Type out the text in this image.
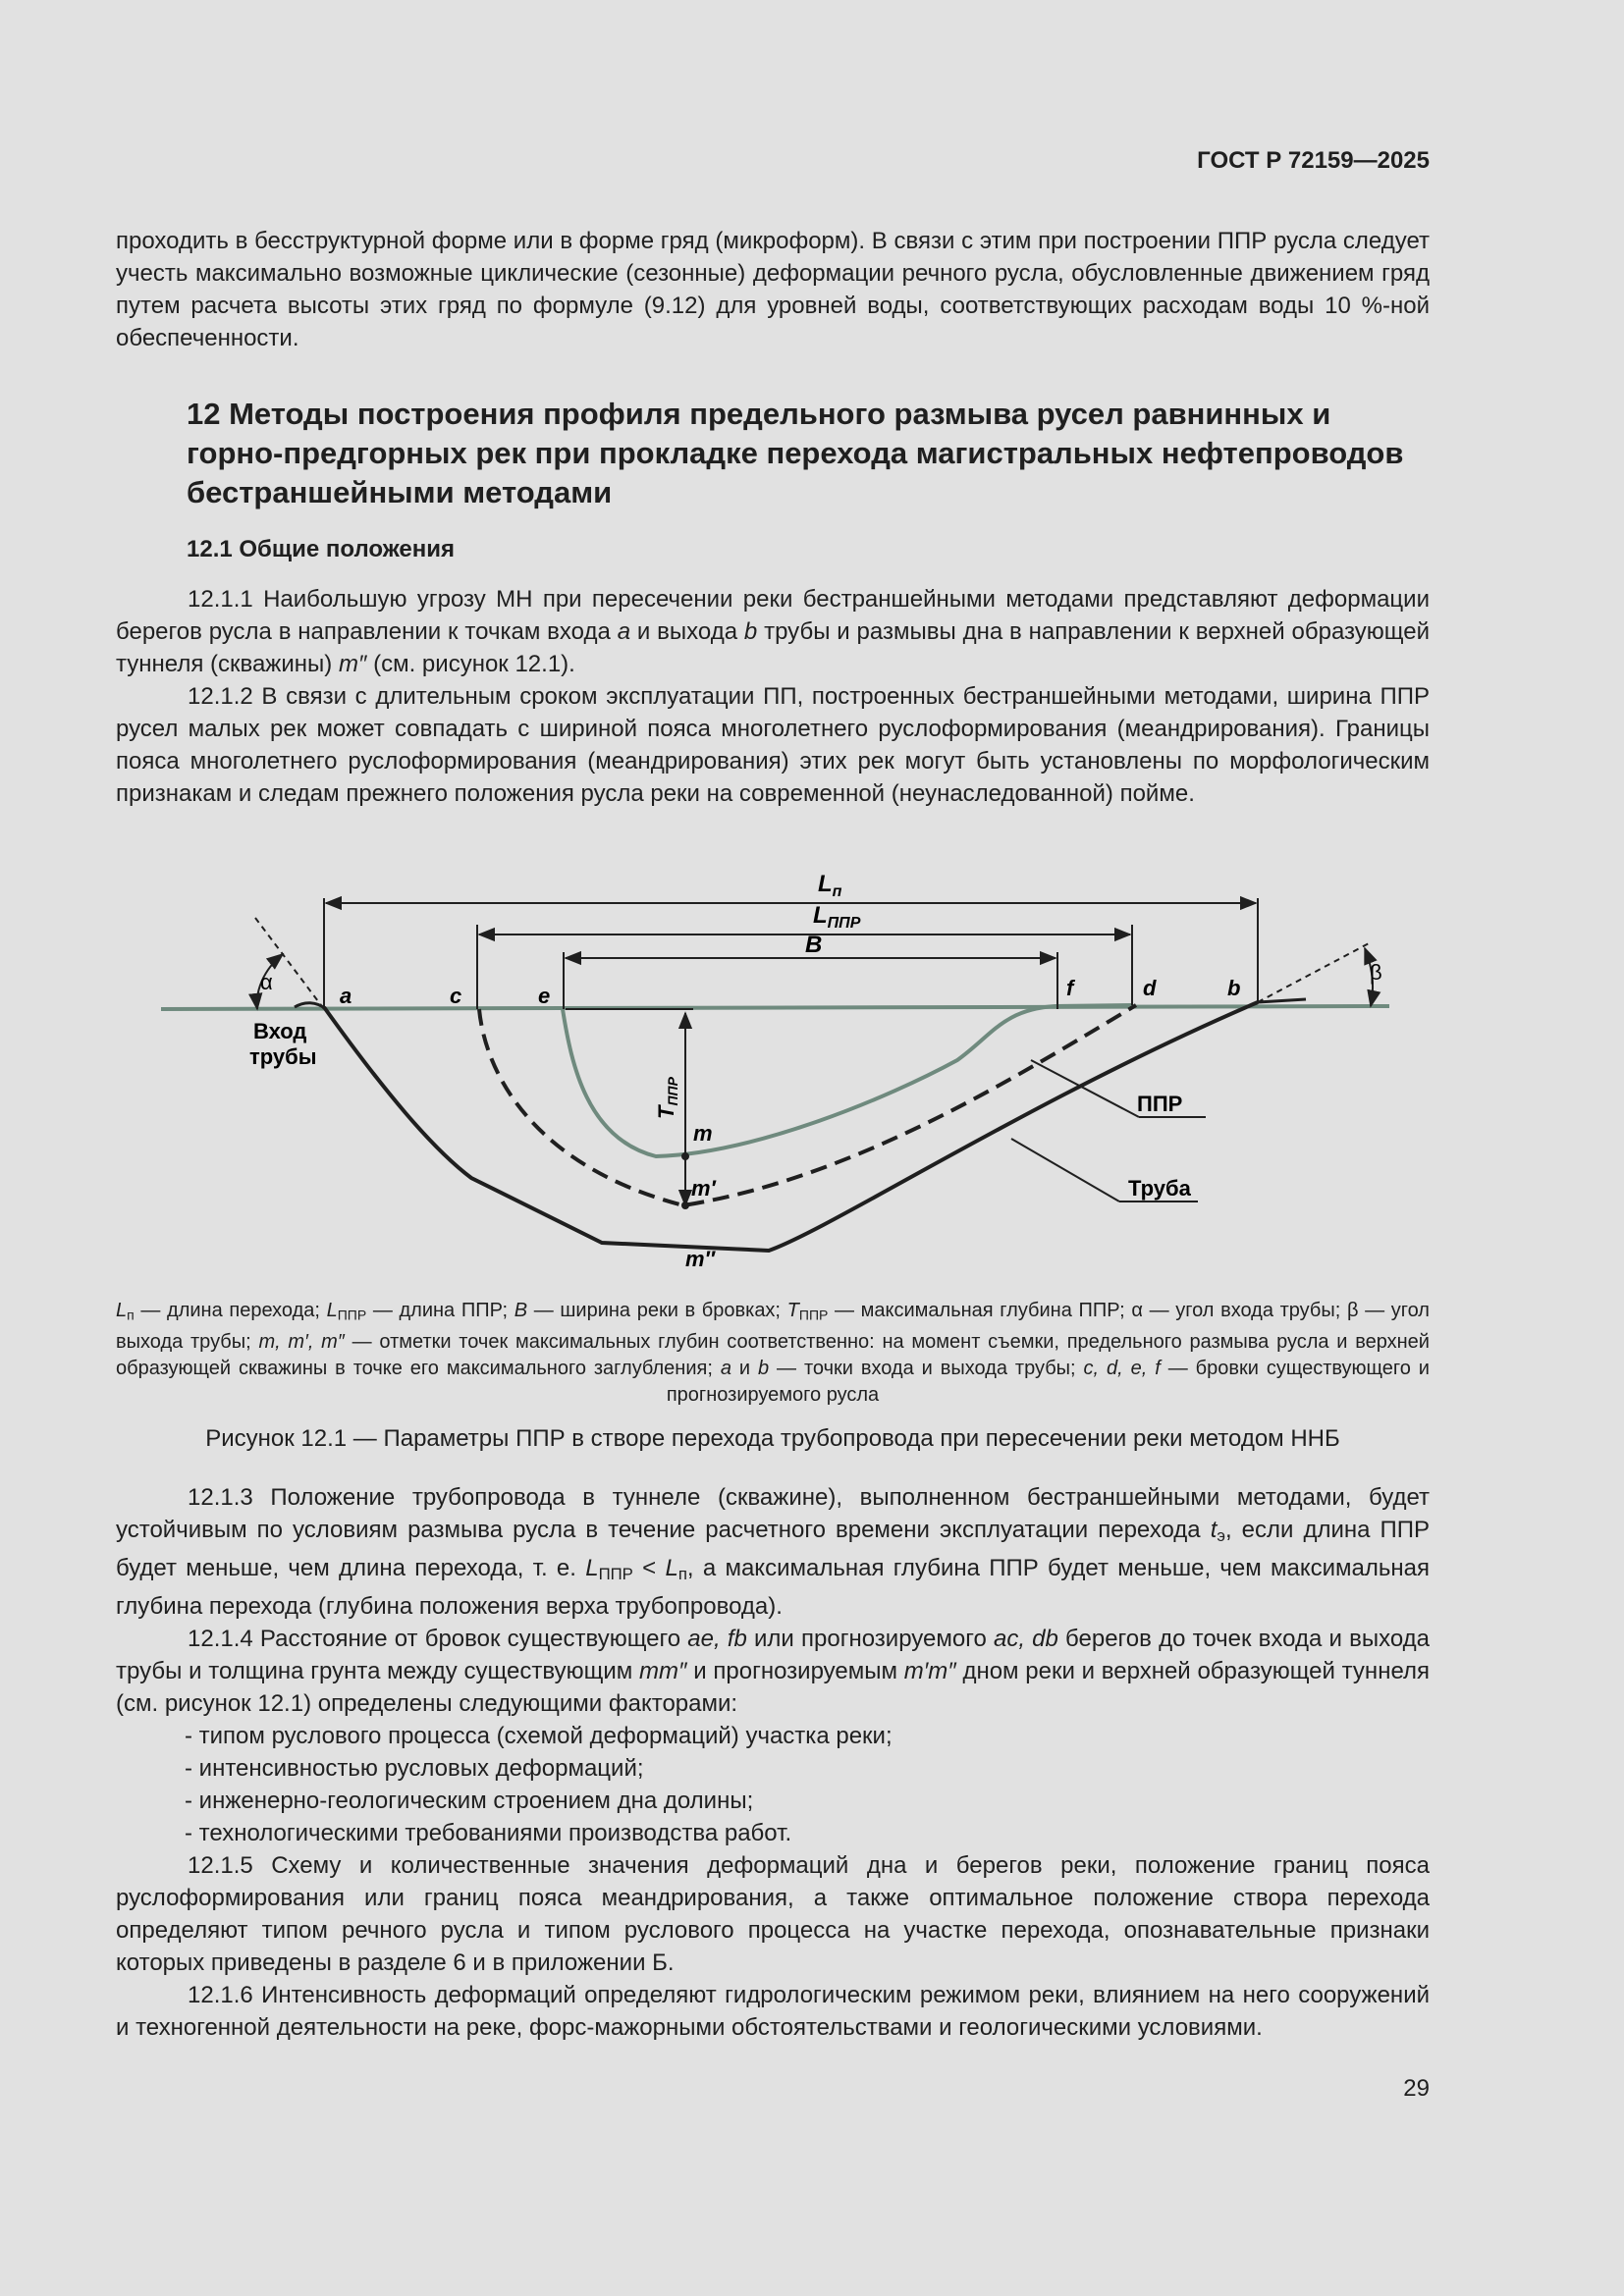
ГОСТ Р 72159—2025

проходить в бесструктурной форме или в форме гряд (микроформ). В связи с этим при построении ППР русла следует учесть максимально возможные циклические (сезонные) деформации речного русла, обусловленные движением гряд путем расчета высоты этих гряд по формуле (9.12) для уровней воды, соответствующих расходам воды 10 %-ной обеспеченности.

12 Методы построения профиля предельного размыва русел равнинных и горно-предгорных рек при прокладке перехода магистральных нефтепроводов бестраншейными методами
12.1 Общие положения

12.1.1 Наибольшую угрозу МН при пересечении реки бестраншейными методами представляют деформации берегов русла в направлении к точкам входа a и выхода b трубы и размывы дна в направлении к верхней образующей туннеля (скважины) m″ (см. рисунок 12.1).

12.1.2 В связи с длительным сроком эксплуатации ПП, построенных бестраншейными методами, ширина ППР русел малых рек может совпадать с шириной пояса многолетнего руслоформирования (меандрирования). Границы пояса многолетнего руслоформирования (меандрирования) этих рек могут быть установлены по морфологическим признакам и следам прежнего положения русла реки на современной (неунаследованной) пойме.

$L_п$
$L_{ППР}$
B
TППР
α	β
a	c	e	f	d	b
m
m′
m″
Вход
трубы
ППР
Труба
$L_п$ — длина перехода; $L_{ППР}$ — длина ППР; B — ширина реки в бровках; $T_{ППР}$ — максимальная глубина ППР; α — угол входа трубы; β — угол выхода трубы; m, m′, m″ — отметки точек максимальных глубин соответственно: на момент съемки, предельного размыва русла и верхней образующей скважины в точке его максимального заглубления; a и b — точки входа и выхода трубы; c, d, e, f — бровки существующего и прогнозируемого русла
Рисунок 12.1 — Параметры ППР в створе перехода трубопровода при пересечении реки методом ННБ

12.1.3 Положение трубопровода в туннеле (скважине), выполненном бестраншейными методами, будет устойчивым по условиям размыва русла в течение расчетного времени эксплуатации перехода $t_э$, если длина ППР будет меньше, чем длина перехода, т. е. $L_{ППР} < L_п$, а максимальная глубина ППР будет меньше, чем максимальная глубина перехода (глубина положения верха трубопровода).

12.1.4 Расстояние от бровок существующего ae, fb или прогнозируемого ac, db берегов до точек входа и выхода трубы и толщина грунта между существующим mm″ и прогнозируемым m′m″ дном реки и верхней образующей туннеля (см. рисунок 12.1) определены следующими факторами:

- типом руслового процесса (схемой деформаций) участка реки;

- интенсивностью русловых деформаций;

- инженерно-геологическим строением дна долины;

- технологическими требованиями производства работ.

12.1.5 Схему и количественные значения деформаций дна и берегов реки, положение границ пояса руслоформирования или границ пояса меандрирования, а также оптимальное положение створа перехода определяют типом речного русла и типом руслового процесса на участке перехода, опознавательные признаки которых приведены в разделе 6 и в приложении Б.

12.1.6 Интенсивность деформаций определяют гидрологическим режимом реки, влиянием на него сооружений и техногенной деятельности на реке, форс-мажорными обстоятельствами и геологическими условиями.

29
